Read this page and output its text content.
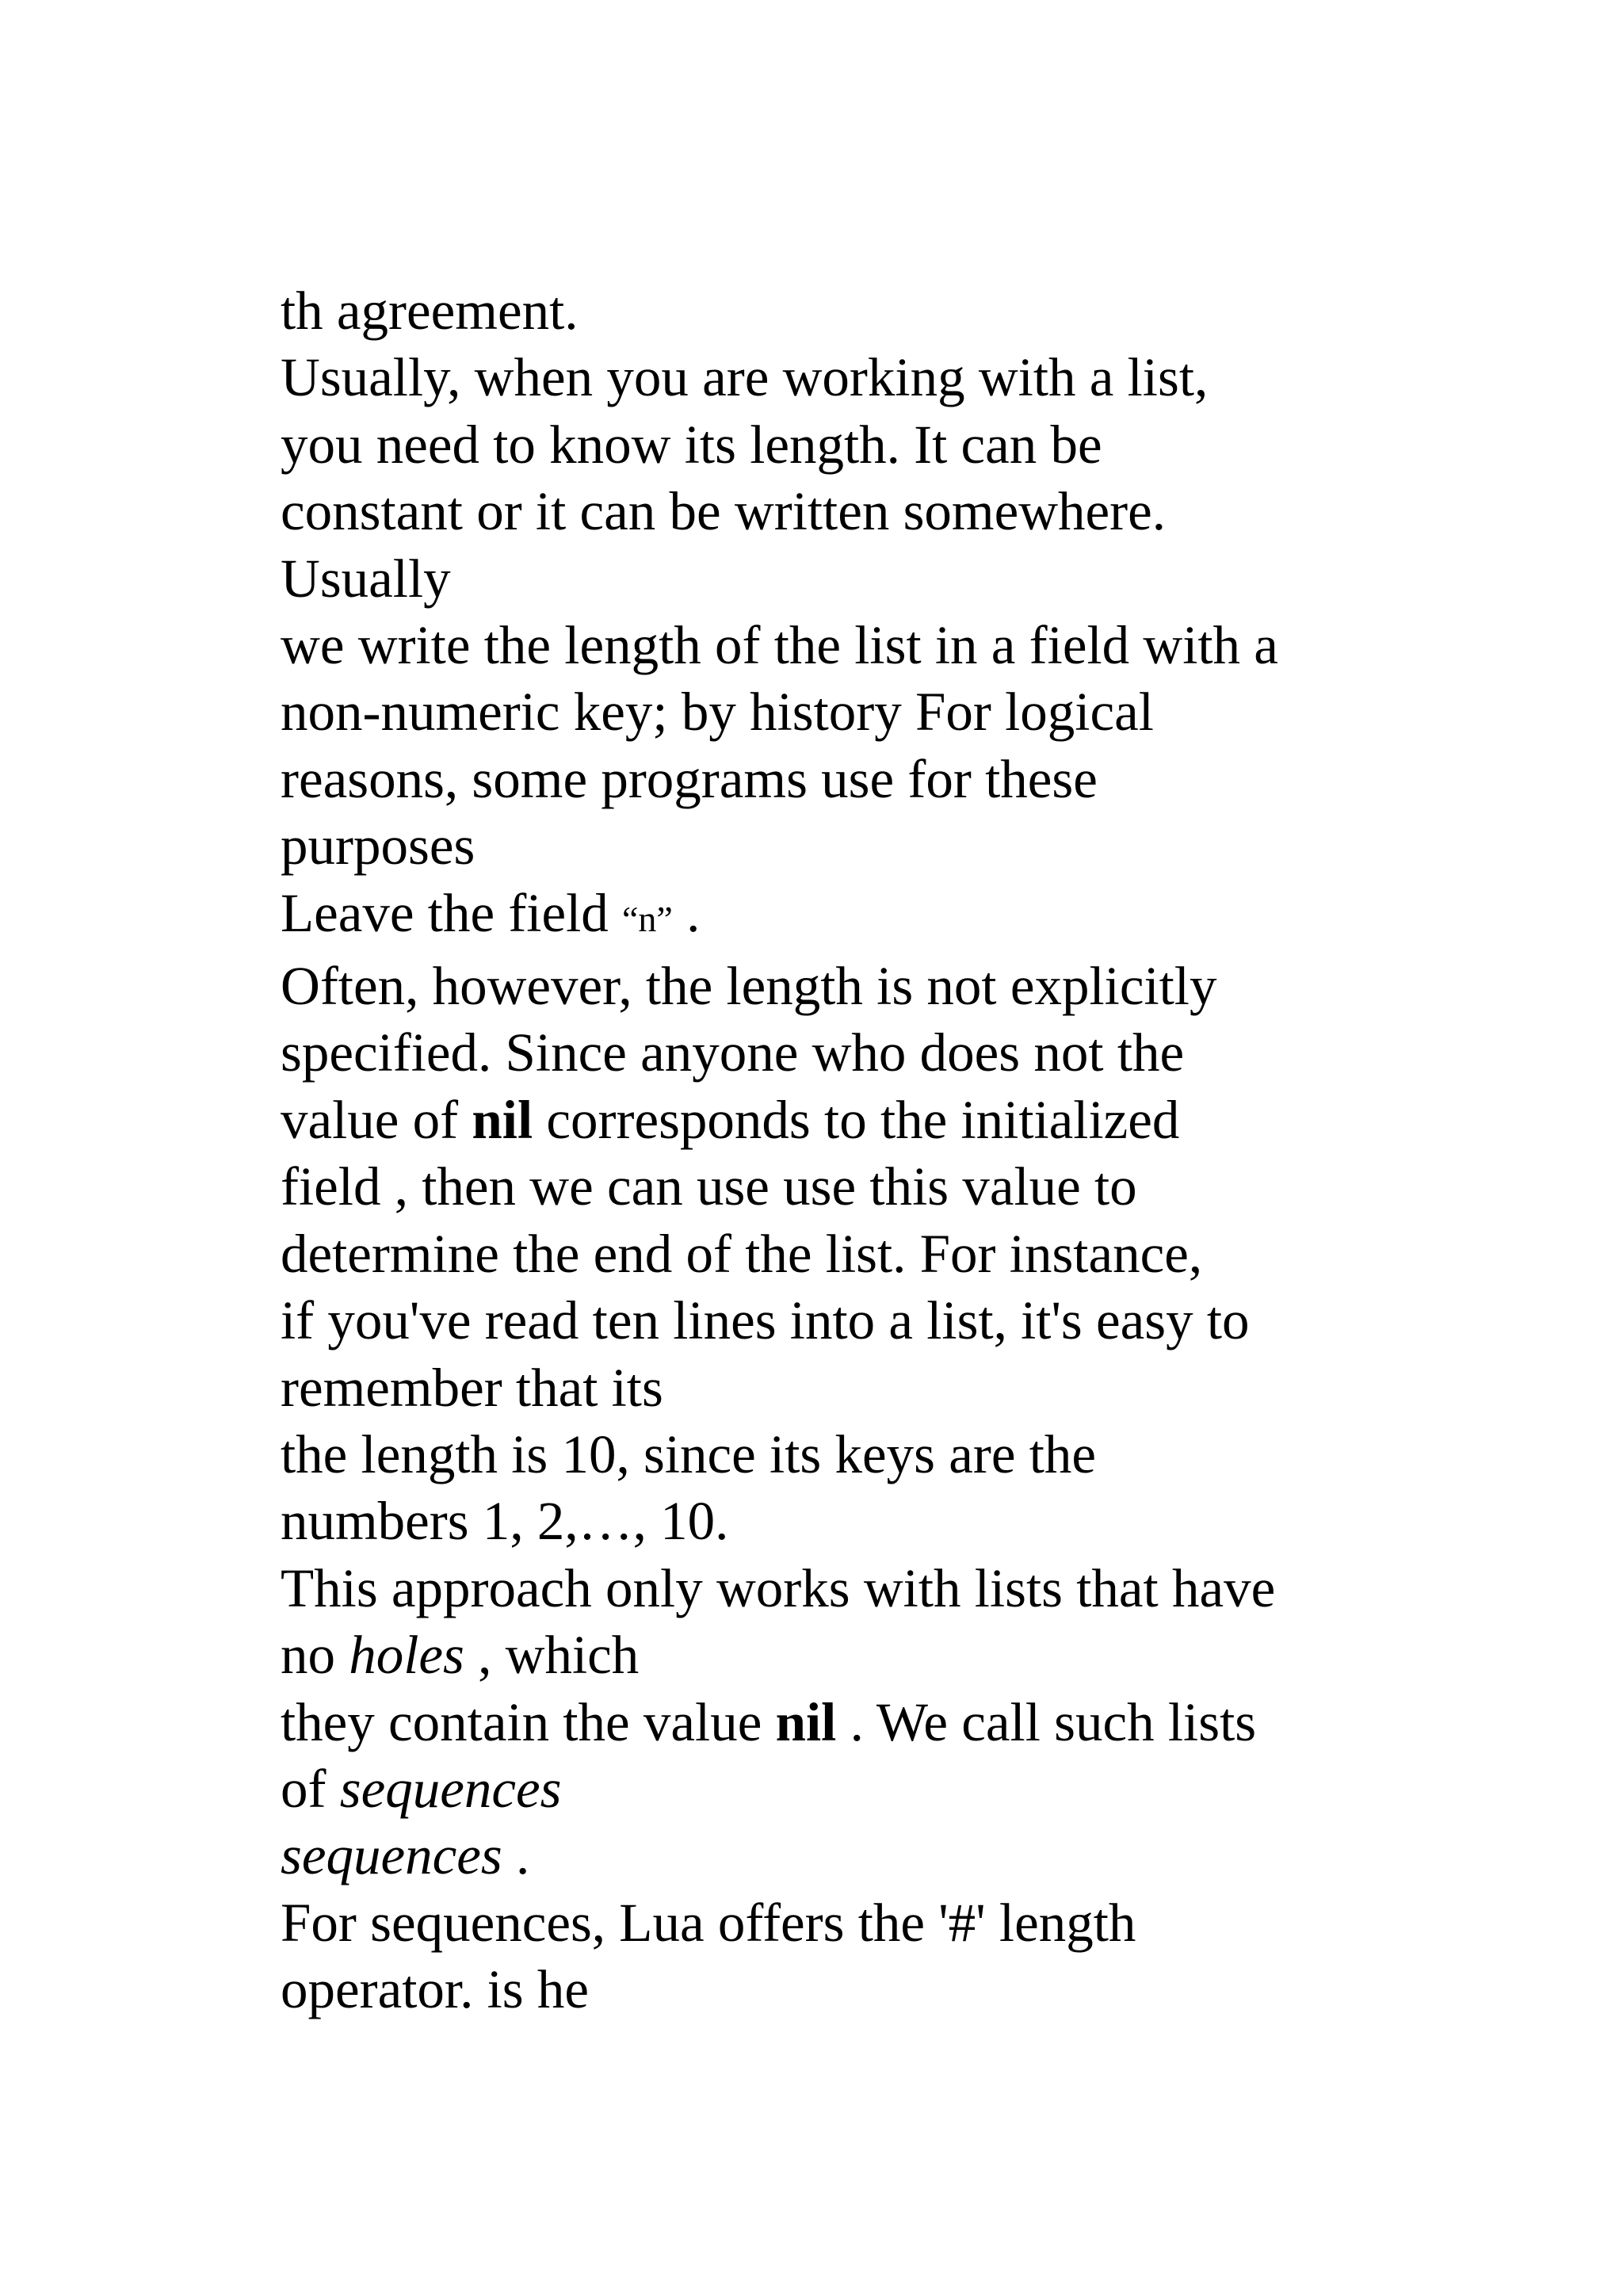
th agreement.
Usually, when you are working with a list,
you need to know its length. It can be
constant or it can be written somewhere.
Usually
we write the length of the list in a field with a
non-numeric key; by history For logical
reasons, some programs use for these
purposes
Leave the field “n” .
Often, however, the length is not explicitly
specified. Since anyone who does not the
value of nil corresponds to the initialized
field , then we can use use this value to
determine the end of the list. For instance,
if you've read ten lines into a list, it's easy to
remember that its
the length is 10, since its keys are the
numbers 1, 2,…, 10.
This approach only works with lists that have
no holes , which
they contain the value nil . We call such lists
of sequences
sequences .
For sequences, Lua offers the '#' length
operator. is he
